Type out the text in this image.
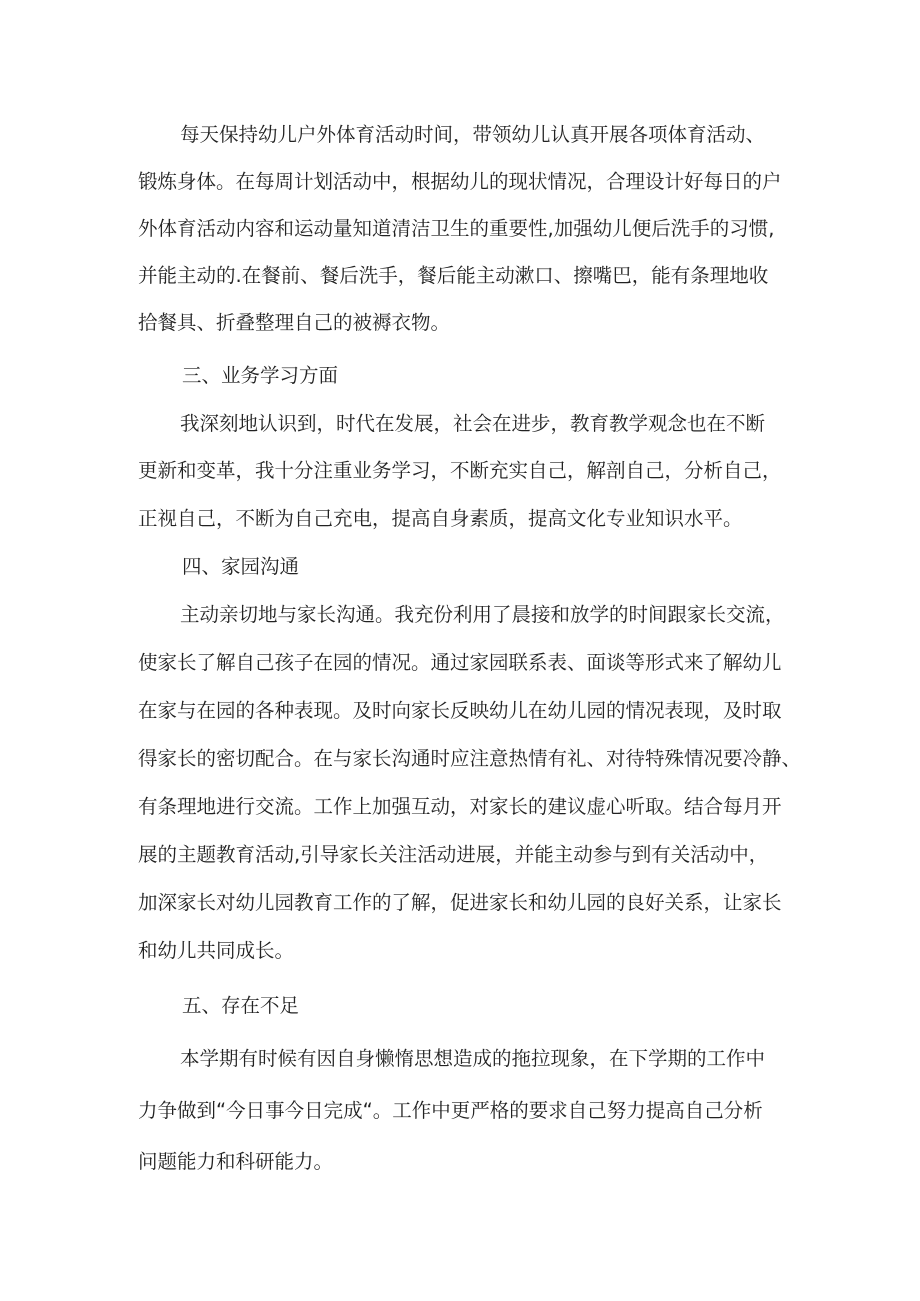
每天保持幼儿户外体育活动时间，带领幼儿认真开展各项体育活动、
锻炼身体。在每周计划活动中，根据幼儿的现状情况，合理设计好每日的户
外体育活动内容和运动量知道清洁卫生的重要性,加强幼儿便后洗手的习惯,
并能主动的.在餐前、餐后洗手，餐后能主动漱口、擦嘴巴，能有条理地收
拾餐具、折叠整理自己的被褥衣物。
三、业务学习方面
我深刻地认识到，时代在发展，社会在进步，教育教学观念也在不断
更新和变革，我十分注重业务学习，不断充实自己，解剖自己，分析自己，
正视自己，不断为自己充电，提高自身素质，提高文化专业知识水平。
四、家园沟通
主动亲切地与家长沟通。我充份利用了晨接和放学的时间跟家长交流，
使家长了解自己孩子在园的情况。通过家园联系表、面谈等形式来了解幼儿
在家与在园的各种表现。及时向家长反映幼儿在幼儿园的情况表现，及时取
得家长的密切配合。在与家长沟通时应注意热情有礼、对待特殊情况要冷静、
有条理地进行交流。工作上加强互动，对家长的建议虚心听取。结合每月开
展的主题教育活动,引导家长关注活动进展，并能主动参与到有关活动中，
加深家长对幼儿园教育工作的了解，促进家长和幼儿园的良好关系，让家长
和幼儿共同成长。
五、存在不足
本学期有时候有因自身懒惰思想造成的拖拉现象，在下学期的工作中
力争做到“今日事今日完成“。工作中更严格的要求自己努力提高自己分析
问题能力和科研能力。
